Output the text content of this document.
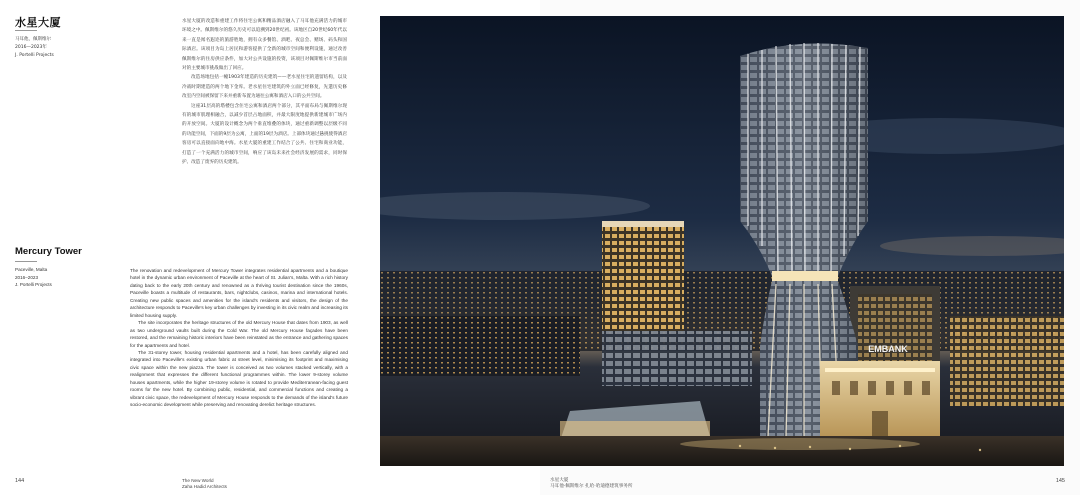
水星大厦
马耳他，佩斯维尔
2016—2023年
J. Portelli Projects

水星大厦的改造和重建工作将住宅公寓和精品酒店融入了马耳他充满活力的城市环境之中。佩斯维尔的悠久历史可以追溯到20世纪初。该地区自20世纪60年代以来一直是闻名遐迩的旅游胜地，拥有众多餐馆、酒吧、夜总会、赌场、码头和国际酒店。该项目为岛上居民和游客提供了全新的城市空间和便利设施，通过改善佩斯维尔的住房供应条件，加大对公共设施的投资，该项目对佩斯维尔市当前面对的主要城市挑战做出了回应。

改造场地包括一幢1903年建造的历史建筑——老水星住宅的遗留结构，以及冷战时期建造的两个地下金库。老水星住宅建筑的外立面已经修复，先遣历史修改室内空间被保留下来并重新布置为通往公寓和酒店入口的公共空间。

这座31层高的塔楼包含住宅公寓和酒店两个部分，其平面布局与佩斯维尔现有的城市肌理相融合，以减少首层占地面积，并最大限度地提供新建城市广场内的开放空间。大厦的设计概念为两个垂直堆叠的体块，通过重新调整以层级不同的功能空间，下面的9层为公寓，上面的19层为酒店。上部体块通过悬挑使得酒店客房可以直接面向地中海。水星大厦的重建工作结合了公共、住宅和商业功能，打造了一个充满活力的城市空间，响应了该岛未来社会经济发展的需求，同时保护、改造了废弃的历史建筑。

Mercury Tower
Paceville, Malta
2016–2023
J. Portelli Projects

The renovation and redevelopment of Mercury Tower integrates residential apartments and a boutique hotel in the dynamic urban environment of Paceville at the heart of St. Julian's, Malta. With a rich history dating back to the early 20th century and renowned as a thriving tourist destination since the 1960s, Paceville boasts a multitude of restaurants, bars, nightclubs, casinos, marina and international hotels. Creating new public spaces and amenities for the island's residents and visitors, the design of the architecture responds to Paceville's key urban challenges by investing in its civic realm and increasing its limited housing supply.

The site incorporates the heritage structures of the old Mercury House that dates from 1903, as well as two underground vaults built during the Cold War. The old Mercury House façades have been restored, and the remaining historic interiors have been reinstated as the entrance and gathering spaces for the apartments and hotel.

The 31-storey tower, housing residential apartments and a hotel, has been carefully aligned and integrated into Paceville's existing urban fabric at street level, minimising its footprint and maximising civic space within the new piazza. The tower is conceived as two volumes stacked vertically, with a realignment that expresses the different functional programmes within. The lower 9-storey volume houses apartments, while the higher 19-storey volume is rotated to provide Mediterranean-facing guest rooms for the new hotel. By combining public, residential, and commercial functions and creating a vibrant civic space, the redevelopment of Mercury House responds to the demands of the island's future socio-economic development while preserving and renovating derelict heritage structures.

144	The New World
Zaha Hadid Architects
水星大厦
马耳他·佩斯维尔 扎哈·哈迪德建筑事务所
145
EMBANK
